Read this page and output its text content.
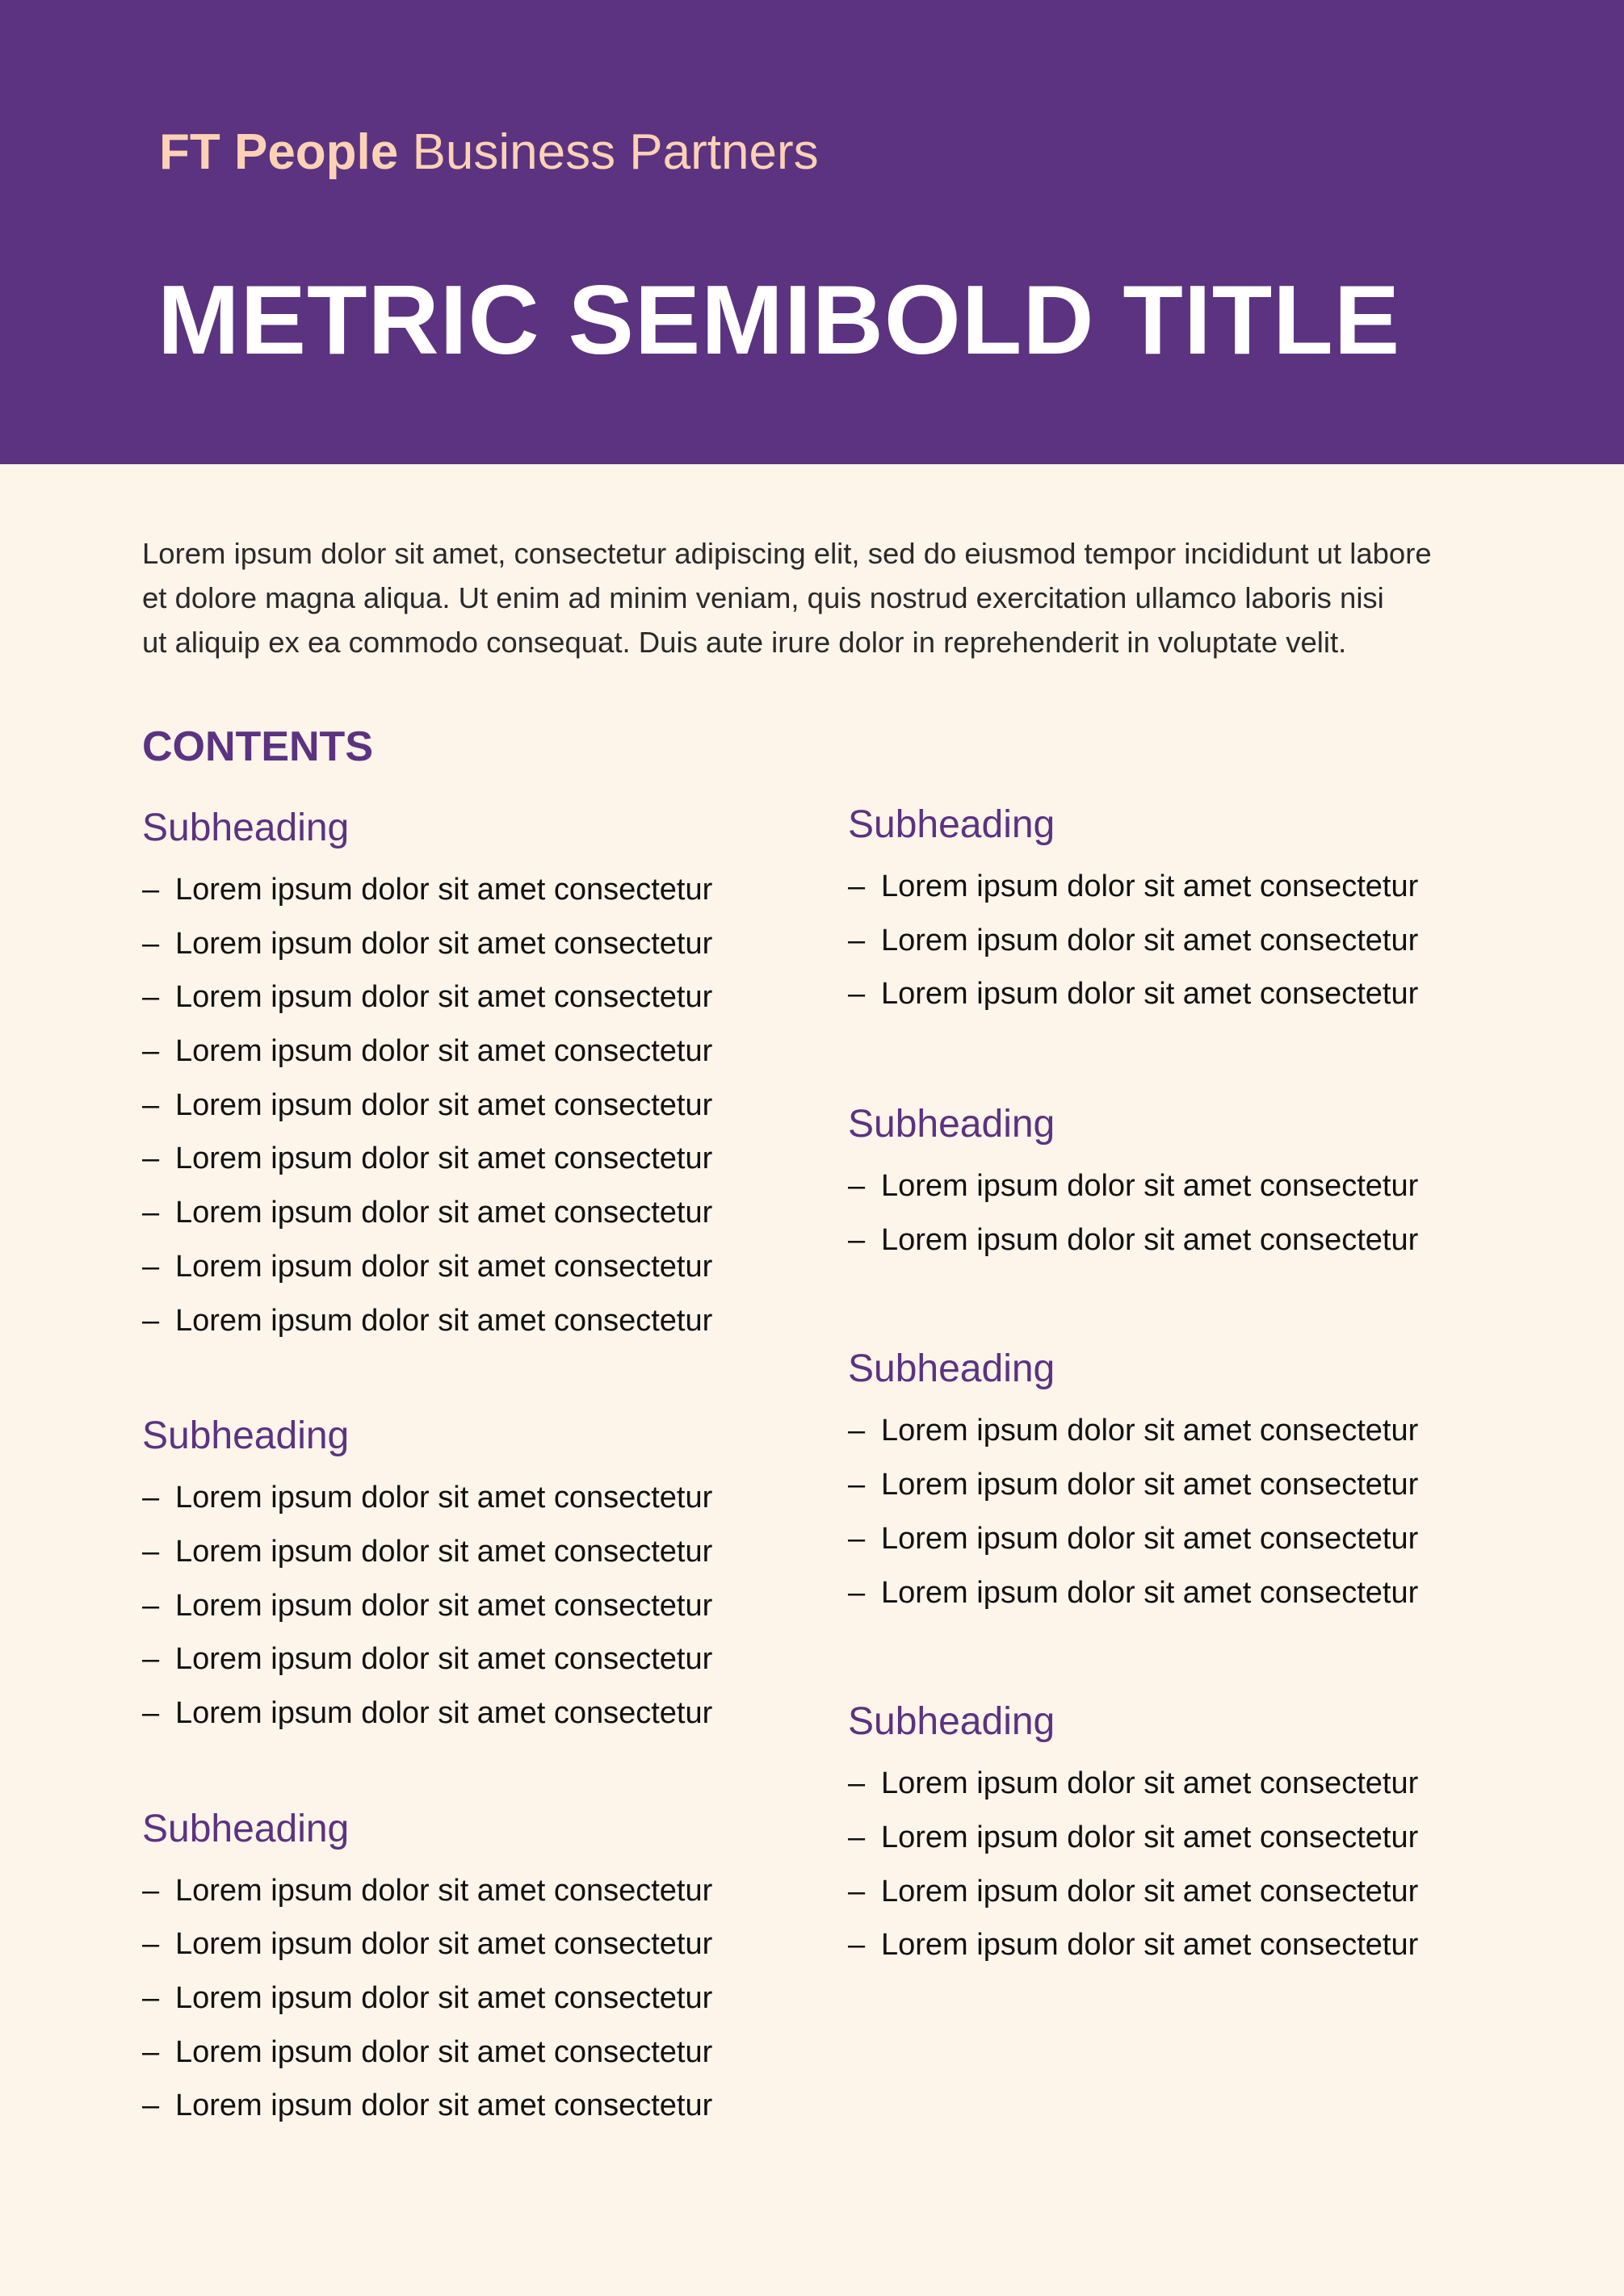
FT People Business Partners
METRIC SEMIBOLD TITLE
Lorem ipsum dolor sit amet, consectetur adipiscing elit, sed do eiusmod tempor incididunt ut labore
et dolore magna aliqua. Ut enim ad minim veniam, quis nostrud exercitation ullamco laboris nisi
ut aliquip ex ea commodo consequat. Duis aute irure dolor in reprehenderit in voluptate velit.
CONTENTS
Subheading
– Lorem ipsum dolor sit amet consectetur
– Lorem ipsum dolor sit amet consectetur
– Lorem ipsum dolor sit amet consectetur
– Lorem ipsum dolor sit amet consectetur
– Lorem ipsum dolor sit amet consectetur
– Lorem ipsum dolor sit amet consectetur
– Lorem ipsum dolor sit amet consectetur
– Lorem ipsum dolor sit amet consectetur
– Lorem ipsum dolor sit amet consectetur
Subheading
– Lorem ipsum dolor sit amet consectetur
– Lorem ipsum dolor sit amet consectetur
– Lorem ipsum dolor sit amet consectetur
– Lorem ipsum dolor sit amet consectetur
– Lorem ipsum dolor sit amet consectetur
Subheading
– Lorem ipsum dolor sit amet consectetur
– Lorem ipsum dolor sit amet consectetur
– Lorem ipsum dolor sit amet consectetur
– Lorem ipsum dolor sit amet consectetur
– Lorem ipsum dolor sit amet consectetur
Subheading
– Lorem ipsum dolor sit amet consectetur
– Lorem ipsum dolor sit amet consectetur
– Lorem ipsum dolor sit amet consectetur
Subheading
– Lorem ipsum dolor sit amet consectetur
– Lorem ipsum dolor sit amet consectetur
Subheading
– Lorem ipsum dolor sit amet consectetur
– Lorem ipsum dolor sit amet consectetur
– Lorem ipsum dolor sit amet consectetur
– Lorem ipsum dolor sit amet consectetur
Subheading
– Lorem ipsum dolor sit amet consectetur
– Lorem ipsum dolor sit amet consectetur
– Lorem ipsum dolor sit amet consectetur
– Lorem ipsum dolor sit amet consectetur
